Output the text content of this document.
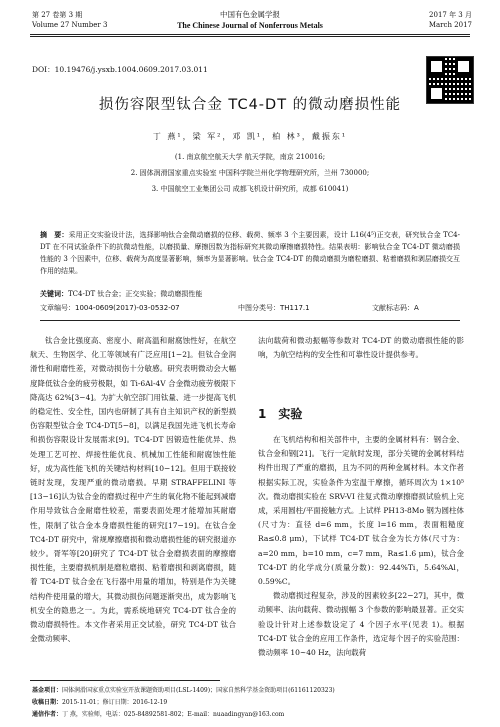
第 27 卷第 3 期
Volume 27 Number 3
中国有色金属学报
The Chinese Journal of Nonferrous Metals
2017 年 3 月
March 2017
DOI：10.19476/j.ysxb.1004.0609.2017.03.011
损伤容限型钛合金 TC4-DT 的微动磨损性能
丁 燕¹，梁 军²，邓 凯¹，柏 林³，戴振东¹
(1. 南京航空航天大学 航天学院，南京 210016;
2. 固体润滑国家重点实验室 中国科学院兰州化学物理研究所，兰州 730000;
3. 中国航空工业集团公司 成都飞机设计研究所，成都 610041)
摘　要：采用正交实验设计法，选择影响钛合金微动磨损的位移、载荷、频率 3 个主要因素，设计 L16(4⁵)正交表，研究钛合金 TC4-DT 在不同试验条件下的抗微动性能，以磨损量、摩擦因数为指标研究其微动摩擦磨损特性。结果表明：影响钛合金 TC4-DT 微动磨损性能的 3 个因素中，位移、载荷为高度显著影响，频率为显著影响。钛合金 TC4-DT 的微动磨损为磨粒磨损、粘着磨损和剥层磨损交互作用的结果。
关键词：TC4-DT 钛合金；正交实验；微动磨损性能
文章编号：1004-0609(2017)-03-0532-07	中图分类号：TH117.1	文献标志码：A

钛合金比强度高、密度小、耐高温和耐腐蚀性好，在航空航天、生物医学、化工等领域有广泛应用[1−2]。但钛合金润滑性和耐磨性差，对微动损伤十分敏感。研究表明微动会大幅度降低钛合金的疲劳极限，如 Ti-6Al-4V 合金微动疲劳极限下降高达 62%[3−4]。为扩大航空部门用钛量、进一步提高飞机的稳定性、安全性，国内也研制了具有自主知识产权的新型损伤容限型钛合金 TC4-DT[5−8]，以满足我国先进飞机长寿命和损伤容限设计发展需求[9]。TC4-DT 因锻造性能优异、热处理工艺可控、焊接性能优良、机械加工性能和耐腐蚀性能好，成为高性能飞机的关键结构材料[10−12]。但用于联接较链时发现，发现严重的微动磨损。早期 STRAFFELINI 等[13−16]认为钛合金的磨损过程中产生的氧化物不能起到减磨作用导致钛合金耐磨性较差，需要表面处理才能增加其耐磨性，限制了钛合金本身磨损性能的研究[17−19]。在钛合金 TC4-DT 研究中，常规摩擦磨损和微动磨损性能的研究报道亦较少。胥军等[20]研究了 TC4-DT 钛合金磨损表面的摩擦磨损性能，主要磨损机制是磨粒磨损、粘着磨损和剥离磨损，随着 TC4-DT 钛合金在飞行器中用量的增加，特别是作为关键结构件使用量的增大，其微动损伤问题逐渐突出，成为影响飞机安全的隐患之一。为此，需系统地研究 TC4-DT 钛合金的微动磨损特性。本文作者采用正交试验，研究 TC4-DT 钛合金微动频率、

法向载荷和微动振幅等参数对 TC4-DT 的微动磨损性能的影响，为航空结构的安全性和可靠性设计提供参考。

1　实验

在飞机结构和相关部件中，主要的金属材料有：钢合金、钛合金和钢[21]。飞行一定航时发现，部分关键的金属材料结构件出现了严重的磨损，且为不同的两种金属材料。本文作者根据实际工况，实验条件为室温干摩擦，循环周次为 1×10⁵ 次。微动磨损实验在 SRV-VI 往复式微动摩擦磨损试验机上完成，采用圆柱/平面接触方式。上试样 PH13-8Mo 钢为圆柱体(尺寸为：直径 d=6 mm，长度 l=16 mm，表面粗糙度 Ra≤0.8 μm)，下试样 TC4-DT 钛合金为长方体(尺寸为：a=20 mm，b=10 mm，c=7 mm，Ra≤1.6 μm)，钛合金 TC4-DT 的化学成分(质量分数)：92.44%Ti，5.64%Al，0.59%C。

微动磨损过程复杂，涉及的因素较多[22−27]，其中，微动频率、法向载荷、微动振幅 3 个参数的影响最显著。正交实验设计针对上述参数设定了 4 个因子水平(见表 1)。根据 TC4-DT 钛合金的应用工作条件，选定每个因子的实验范围：微动频率 10~40 Hz，法向载荷

基金项目：国体润滑国家重点实验室开放课题资助项目(LSL-1409)；国家自然科学基金资助项目(61161120323)
收稿日期：2015-11-01；修订日期：2016-12-19
通信作者：丁 燕，实验师，电话：025-84892581-802；E-mail：nuaadingyan@163.com
